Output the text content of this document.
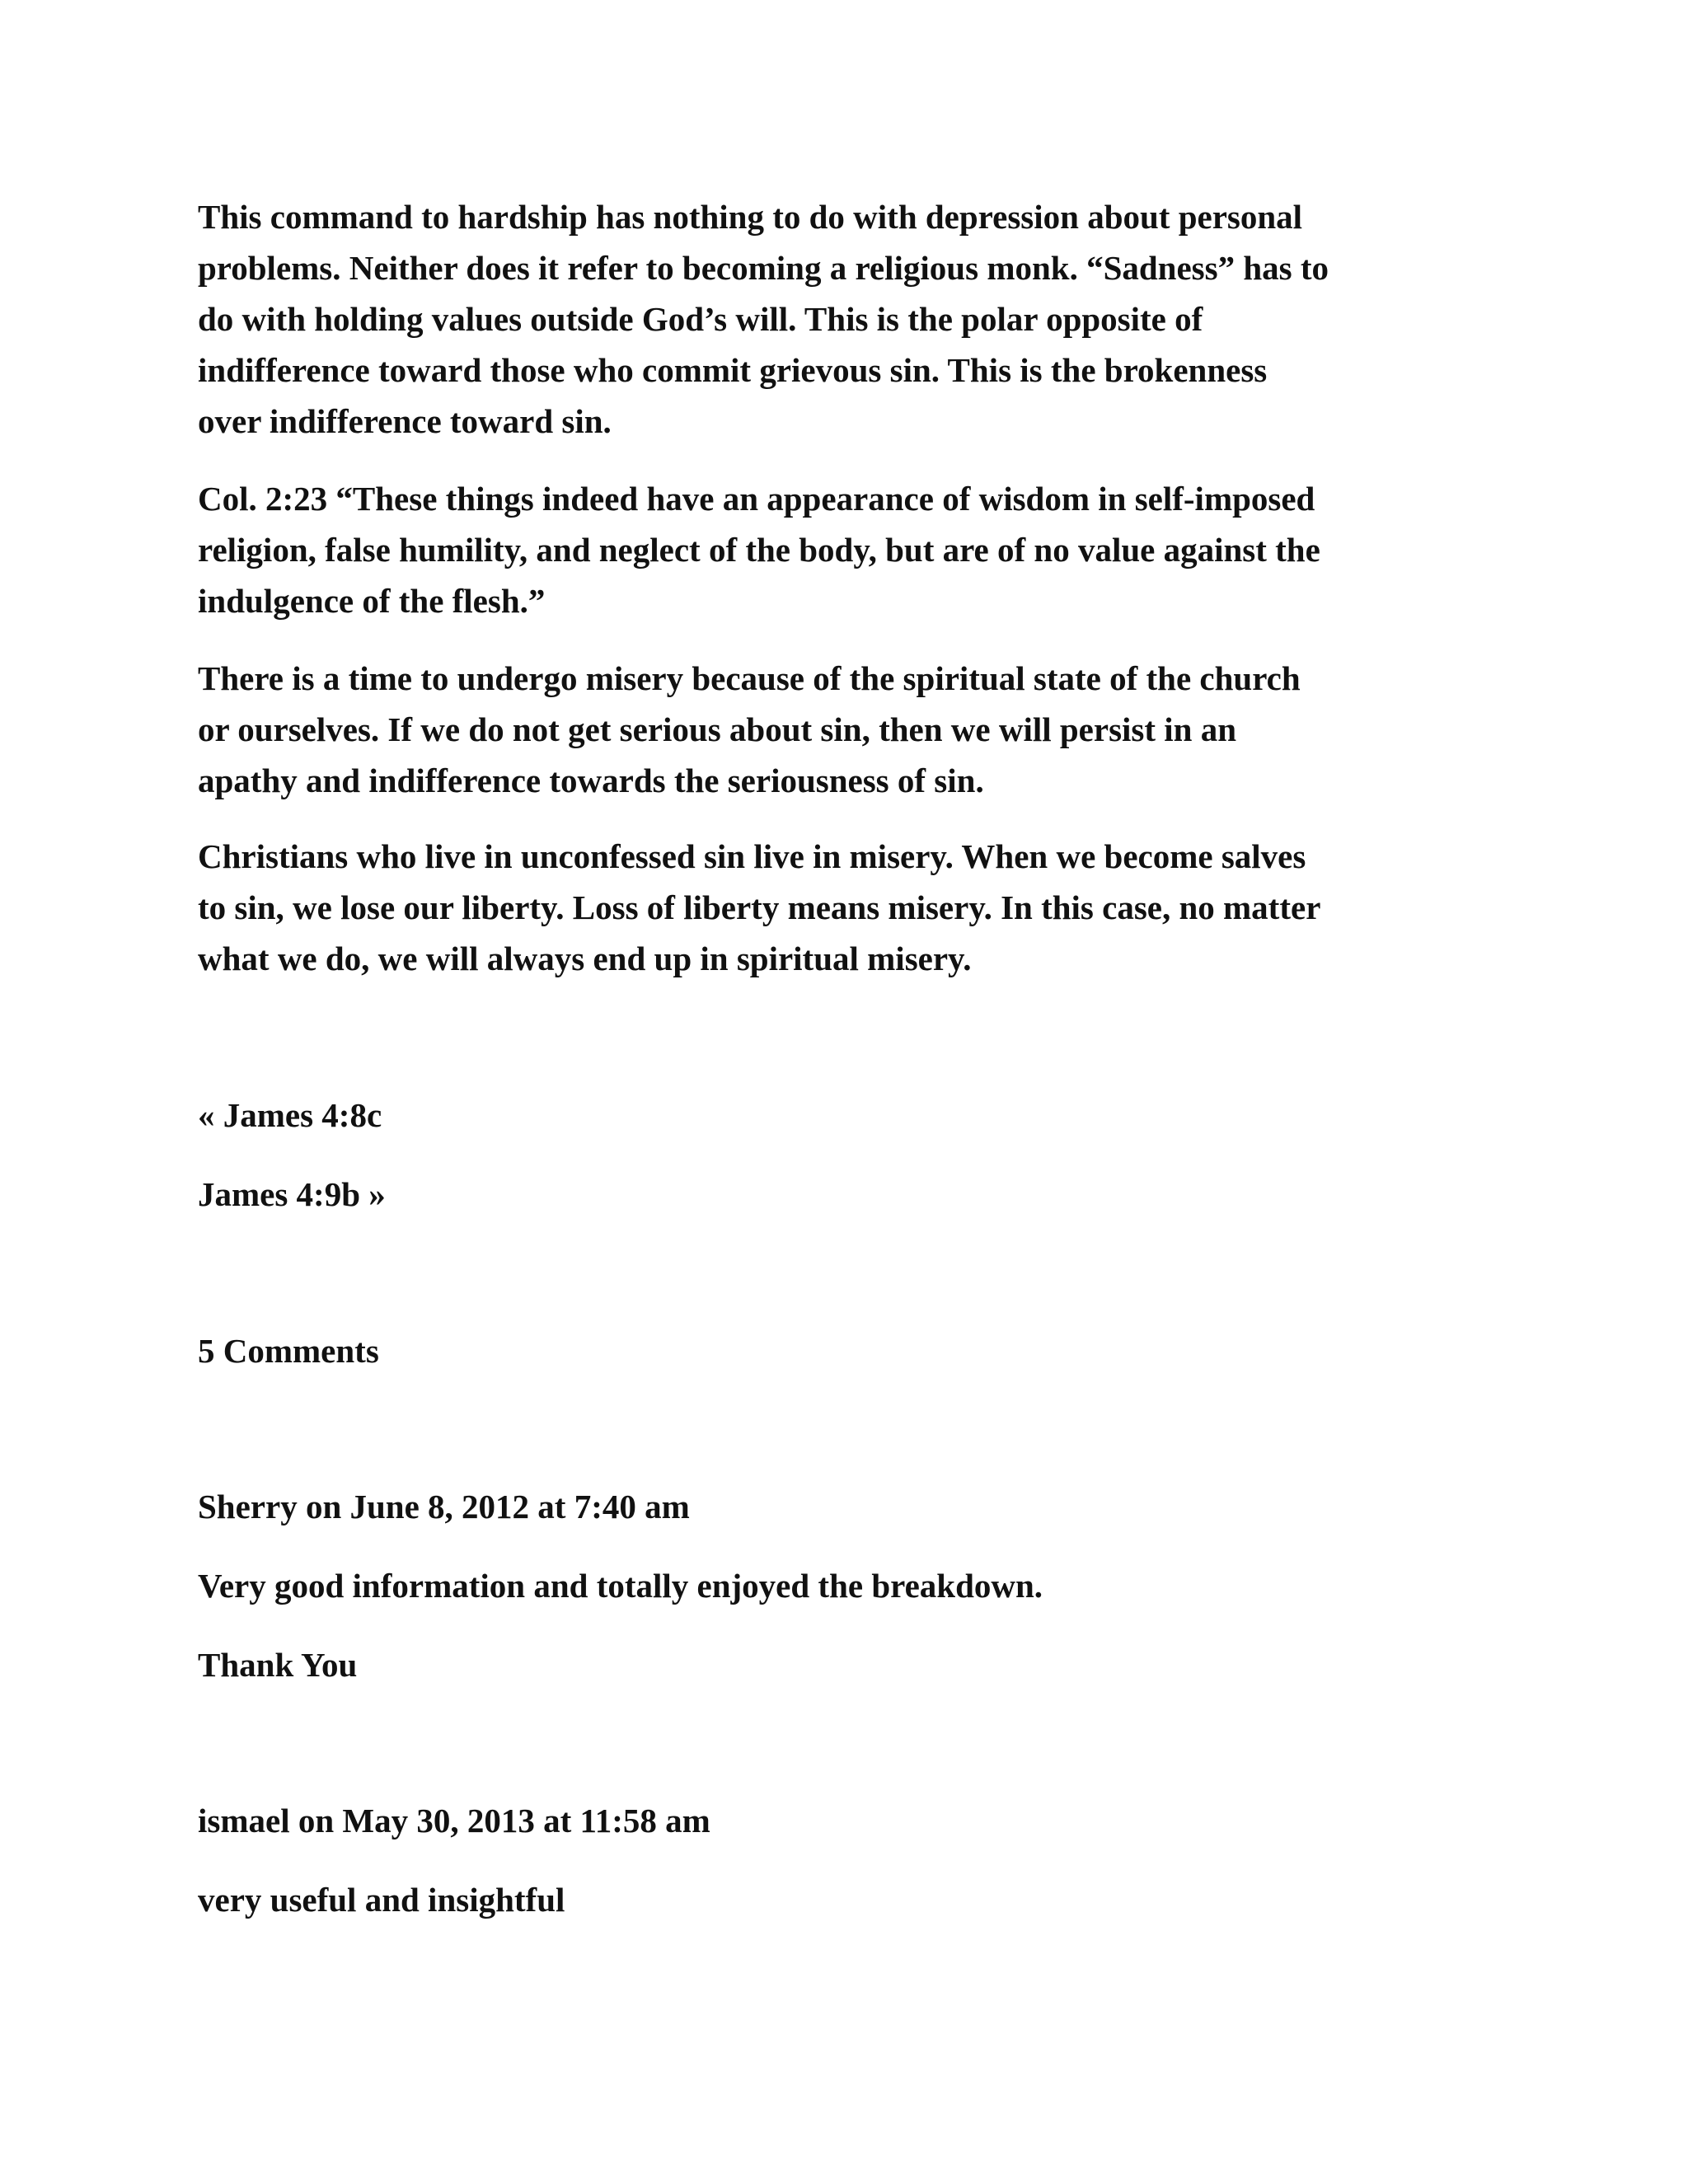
This command to hardship has nothing to do with depression about personal
problems. Neither does it refer to becoming a religious monk. “Sadness” has to
do with holding values outside God’s will. This is the polar opposite of
indifference toward those who commit grievous sin. This is the brokenness
over indifference toward sin.

Col. 2:23 “These things indeed have an appearance of wisdom in self-imposed
religion, false humility, and neglect of the body, but are of no value against the
indulgence of the flesh.”

There is a time to undergo misery because of the spiritual state of the church
or ourselves. If we do not get serious about sin, then we will persist in an
apathy and indifference towards the seriousness of sin.

Christians who live in unconfessed sin live in misery. When we become salves
to sin, we lose our liberty. Loss of liberty means misery. In this case, no matter
what we do, we will always end up in spiritual misery.

« James 4:8c
James 4:9b »
5 Comments
Sherry on June 8, 2012 at 7:40 am
Very good information and totally enjoyed the breakdown.
Thank You
ismael on May 30, 2013 at 11:58 am
very useful and insightful
